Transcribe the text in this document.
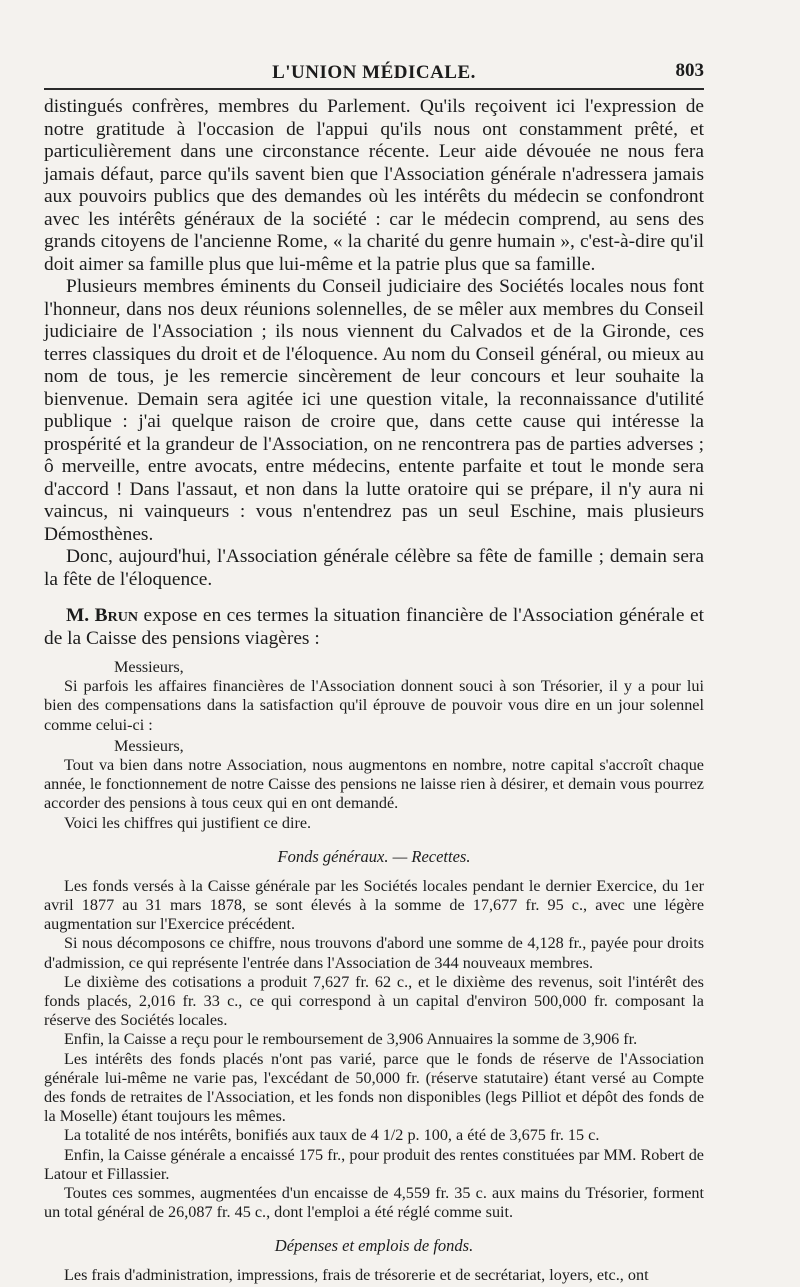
L'UNION MÉDICALE.	803

distingués confrères, membres du Parlement. Qu'ils reçoivent ici l'expression de notre gratitude à l'occasion de l'appui qu'ils nous ont constamment prêté, et particulièrement dans une circonstance récente. Leur aide dévouée ne nous fera jamais défaut, parce qu'ils savent bien que l'Association générale n'adressera jamais aux pouvoirs publics que des demandes où les intérêts du médecin se confondront avec les intérêts généraux de la société : car le médecin comprend, au sens des grands citoyens de l'ancienne Rome, « la charité du genre humain », c'est-à-dire qu'il doit aimer sa famille plus que lui-même et la patrie plus que sa famille.

Plusieurs membres éminents du Conseil judiciaire des Sociétés locales nous font l'honneur, dans nos deux réunions solennelles, de se mêler aux membres du Conseil judiciaire de l'Association ; ils nous viennent du Calvados et de la Gironde, ces terres classiques du droit et de l'éloquence. Au nom du Conseil général, ou mieux au nom de tous, je les remercie sincèrement de leur concours et leur souhaite la bienvenue. Demain sera agitée ici une question vitale, la reconnaissance d'utilité publique : j'ai quelque raison de croire que, dans cette cause qui intéresse la prospérité et la grandeur de l'Association, on ne rencontrera pas de parties adverses ; ô merveille, entre avocats, entre médecins, entente parfaite et tout le monde sera d'accord ! Dans l'assaut, et non dans la lutte oratoire qui se prépare, il n'y aura ni vaincus, ni vainqueurs : vous n'entendrez pas un seul Eschine, mais plusieurs Démosthènes.

Donc, aujourd'hui, l'Association générale célèbre sa fête de famille ; demain sera la fête de l'éloquence.

M. Brun expose en ces termes la situation financière de l'Association générale et de la Caisse des pensions viagères :

Messieurs,

Si parfois les affaires financières de l'Association donnent souci à son Trésorier, il y a pour lui bien des compensations dans la satisfaction qu'il éprouve de pouvoir vous dire en un jour solennel comme celui-ci :

Messieurs,

Tout va bien dans notre Association, nous augmentons en nombre, notre capital s'accroît chaque année, le fonctionnement de notre Caisse des pensions ne laisse rien à désirer, et demain vous pourrez accorder des pensions à tous ceux qui en ont demandé.

Voici les chiffres qui justifient ce dire.

Fonds généraux. — Recettes.

Les fonds versés à la Caisse générale par les Sociétés locales pendant le dernier Exercice, du 1er avril 1877 au 31 mars 1878, se sont élevés à la somme de 17,677 fr. 95 c., avec une légère augmentation sur l'Exercice précédent.

Si nous décomposons ce chiffre, nous trouvons d'abord une somme de 4,128 fr., payée pour droits d'admission, ce qui représente l'entrée dans l'Association de 344 nouveaux membres.

Le dixième des cotisations a produit 7,627 fr. 62 c., et le dixième des revenus, soit l'intérêt des fonds placés, 2,016 fr. 33 c., ce qui correspond à un capital d'environ 500,000 fr. composant la réserve des Sociétés locales.

Enfin, la Caisse a reçu pour le remboursement de 3,906 Annuaires la somme de 3,906 fr.

Les intérêts des fonds placés n'ont pas varié, parce que le fonds de réserve de l'Association générale lui-même ne varie pas, l'excédant de 50,000 fr. (réserve statutaire) étant versé au Compte des fonds de retraites de l'Association, et les fonds non disponibles (legs Pilliot et dépôt des fonds de la Moselle) étant toujours les mêmes.

La totalité de nos intérêts, bonifiés aux taux de 4 1/2 p. 100, a été de 3,675 fr. 15 c.

Enfin, la Caisse générale a encaissé 175 fr., pour produit des rentes constituées par MM. Robert de Latour et Fillassier.

Toutes ces sommes, augmentées d'un encaisse de 4,559 fr. 35 c. aux mains du Trésorier, forment un total général de 26,087 fr. 45 c., dont l'emploi a été réglé comme suit.

Dépenses et emplois de fonds.

Les frais d'administration, impressions, frais de trésorerie et de secrétariat, loyers, etc., ont
